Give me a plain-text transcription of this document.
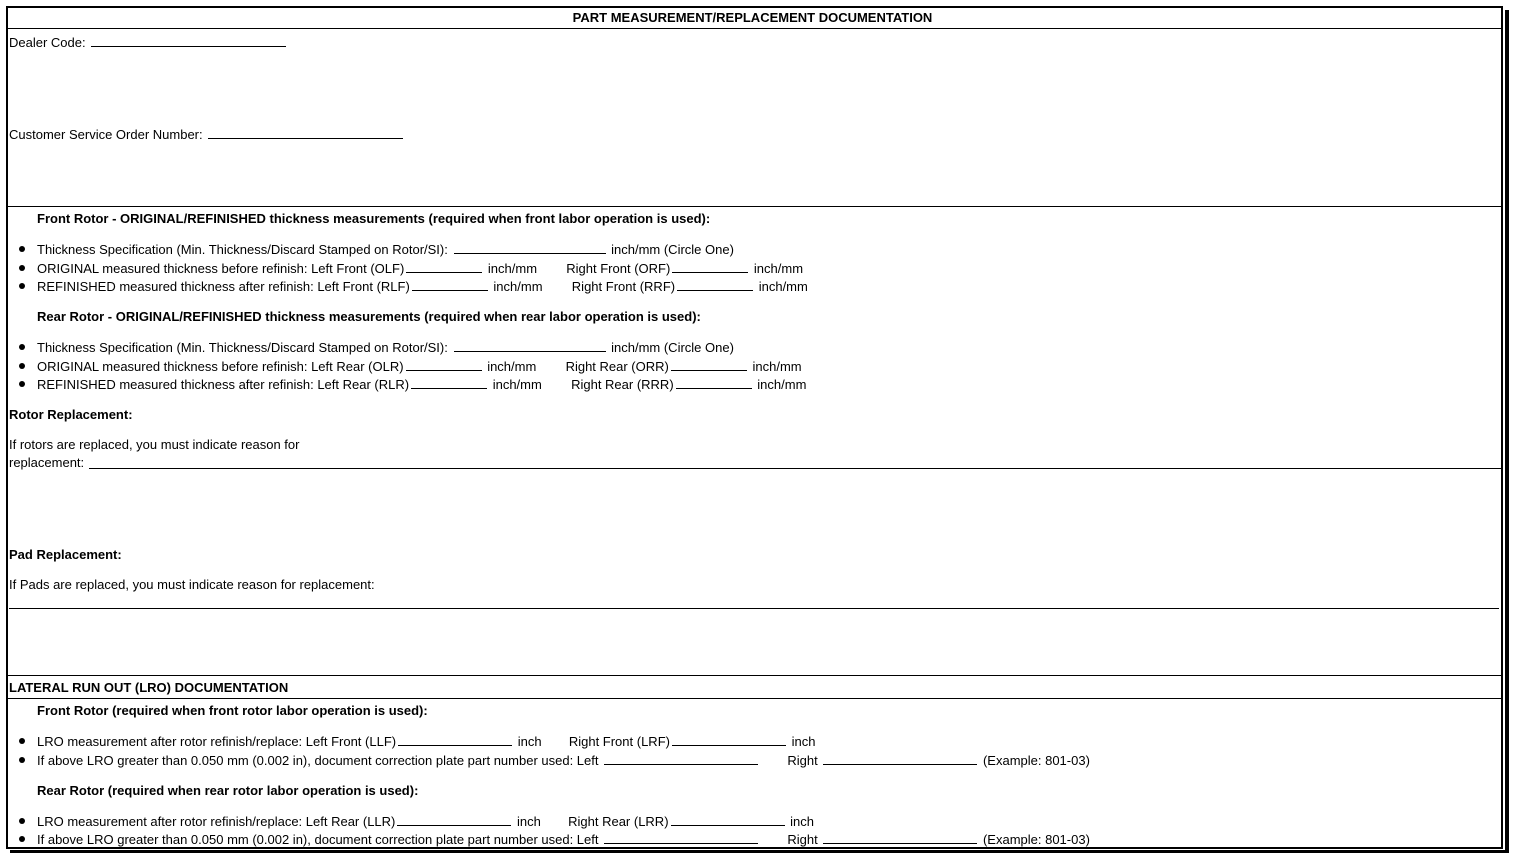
PART MEASUREMENT/REPLACEMENT DOCUMENTATION
Dealer Code:
Customer Service Order Number:
Front Rotor - ORIGINAL/REFINISHED thickness measurements (required when front labor operation is used):
Thickness Specification (Min. Thickness/Discard Stamped on Rotor/SI):	inch/mm (Circle One)
ORIGINAL measured thickness before refinish: Left Front (OLF)	inch/mm Right Front (ORF)	inch/mm
REFINISHED measured thickness after refinish: Left Front (RLF)	inch/mm Right Front (RRF)	inch/mm
Rear Rotor - ORIGINAL/REFINISHED thickness measurements (required when rear labor operation is used):
Thickness Specification (Min. Thickness/Discard Stamped on Rotor/SI):	inch/mm (Circle One)
ORIGINAL measured thickness before refinish: Left Rear (OLR)	inch/mm Right Rear (ORR)	inch/mm
REFINISHED measured thickness after refinish: Left Rear (RLR)	inch/mm Right Rear (RRR)	inch/mm
Rotor Replacement:
If rotors are replaced, you must indicate reason for
replacement:
Pad Replacement:
If Pads are replaced, you must indicate reason for replacement:
LATERAL RUN OUT (LRO) DOCUMENTATION
Front Rotor (required when front rotor labor operation is used):
LRO measurement after rotor refinish/replace: Left Front (LLF)	inch Right Front (LRF)	inch
If above LRO greater than 0.050 mm (0.002 in), document correction plate part number used: Left	Right	(Example: 801-03)
Rear Rotor (required when rear rotor labor operation is used):
LRO measurement after rotor refinish/replace: Left Rear (LLR)	inch Right Rear (LRR)	inch
If above LRO greater than 0.050 mm (0.002 in), document correction plate part number used: Left	Right	(Example: 801-03)
